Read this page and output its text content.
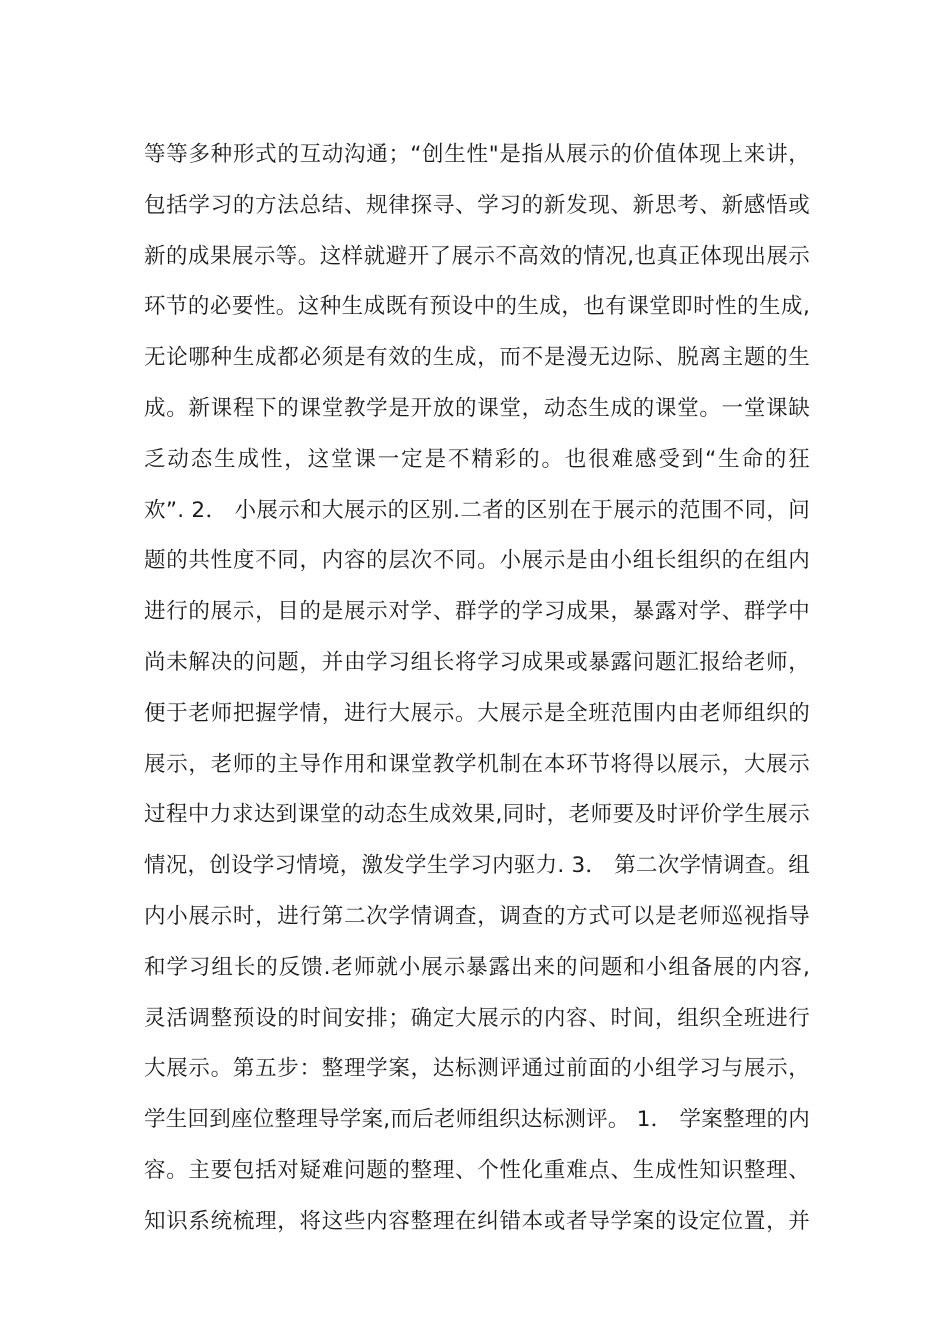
等等多种形式的互动沟通；“创生性"是指从展示的价值体现上来讲，
包括学习的方法总结、规律探寻、学习的新发现、新思考、新感悟或
新的成果展示等。这样就避开了展示不高效的情况,也真正体现出展示
环节的必要性。这种生成既有预设中的生成，也有课堂即时性的生成,
无论哪种生成都必须是有效的生成，而不是漫无边际、脱离主题的生
成。新课程下的课堂教学是开放的课堂，动态生成的课堂。一堂课缺
乏动态生成性，这堂课一定是不精彩的。也很难感受到“生命的狂
欢”. 2． 小展示和大展示的区别.二者的区别在于展示的范围不同，问
题的共性度不同，内容的层次不同。小展示是由小组长组织的在组内
进行的展示，目的是展示对学、群学的学习成果，暴露对学、群学中
尚未解决的问题，并由学习组长将学习成果或暴露问题汇报给老师，
便于老师把握学情，进行大展示。大展示是全班范围内由老师组织的
展示，老师的主导作用和课堂教学机制在本环节将得以展示，大展示
过程中力求达到课堂的动态生成效果,同时，老师要及时评价学生展示
情况，创设学习情境，激发学生学习内驱力. 3． 第二次学情调查。组
内小展示时，进行第二次学情调查，调查的方式可以是老师巡视指导
和学习组长的反馈.老师就小展示暴露出来的问题和小组备展的内容,
灵活调整预设的时间安排；确定大展示的内容、时间，组织全班进行
大展示。第五步：整理学案，达标测评通过前面的小组学习与展示，
学生回到座位整理导学案,而后老师组织达标测评。 1． 学案整理的内
容。主要包括对疑难问题的整理、个性化重难点、生成性知识整理、
知识系统梳理，将这些内容整理在纠错本或者导学案的设定位置，并
